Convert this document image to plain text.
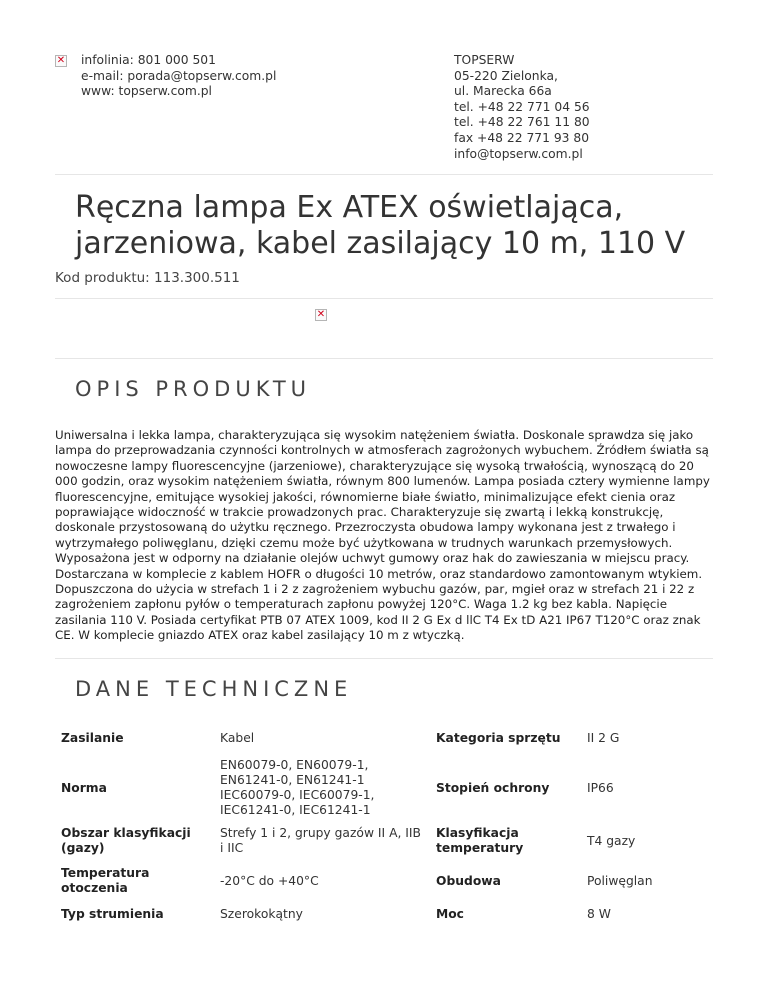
✕ infolinia: 801 000 501
e-mail: porada@topserw.com.pl
www: topserw.com.pl
TOPSERW
05-220 Zielonka,
ul. Marecka 66a
tel. +48 22 771 04 56
tel. +48 22 761 11 80
fax +48 22 771 93 80
info@topserw.com.pl
Ręczna lampa Ex ATEX oświetlająca, jarzeniowa, kabel zasilający 10 m, 110 V
Kod produktu: 113.300.511
✕
OPIS PRODUKTU

Uniwersalna i lekka lampa, charakteryzująca się wysokim natężeniem światła. Doskonale sprawdza się jako lampa do przeprowadzania czynności kontrolnych w atmosferach zagrożonych wybuchem. Źródłem światła są nowoczesne lampy fluorescencyjne (jarzeniowe), charakteryzujące się wysoką trwałością, wynoszącą do 20 000 godzin, oraz wysokim natężeniem światła, równym 800 lumenów. Lampa posiada cztery wymienne lampy fluorescencyjne, emitujące wysokiej jakości, równomierne białe światło, minimalizujące efekt cienia oraz poprawiające widoczność w trakcie prowadzonych prac. Charakteryzuje się zwartą i lekką konstrukcję, doskonale przystosowaną do użytku ręcznego. Przezroczysta obudowa lampy wykonana jest z trwałego i wytrzymałego poliwęglanu, dzięki czemu może być użytkowana w trudnych warunkach przemysłowych. Wyposażona jest w odporny na działanie olejów uchwyt gumowy oraz hak do zawieszania w miejscu pracy. Dostarczana w komplecie z kablem HOFR o długości 10 metrów, oraz standardowo zamontowanym wtykiem. Dopuszczona do użycia w strefach 1 i 2 z zagrożeniem wybuchu gazów, par, mgieł oraz w strefach 21 i 22 z zagrożeniem zapłonu pyłów o temperaturach zapłonu powyżej 120°C. Waga 1.2 kg bez kabla. Napięcie zasilania 110 V. Posiada certyfikat PTB 07 ATEX 1009, kod II 2 G Ex d llC T4 Ex tD A21 IP67 T120°C oraz znak CE. W komplecie gniazdo ATEX oraz kabel zasilający 10 m z wtyczką.

DANE TECHNICZNE
Zasilanie	Kabel	Kategoria sprzętu	II 2 G
Norma	EN60079-0, EN60079-1, EN61241-0, EN61241-1 IEC60079-0, IEC60079-1, IEC61241-0, IEC61241-1	Stopień ochrony	IP66
Obszar klasyfikacji (gazy)	Strefy 1 i 2, grupy gazów II A, IIB i IIC	Klasyfikacja temperatury	T4 gazy
Temperatura otoczenia	-20°C do +40°C	Obudowa	Poliwęglan
Typ strumienia	Szerokokątny	Moc	8 W
